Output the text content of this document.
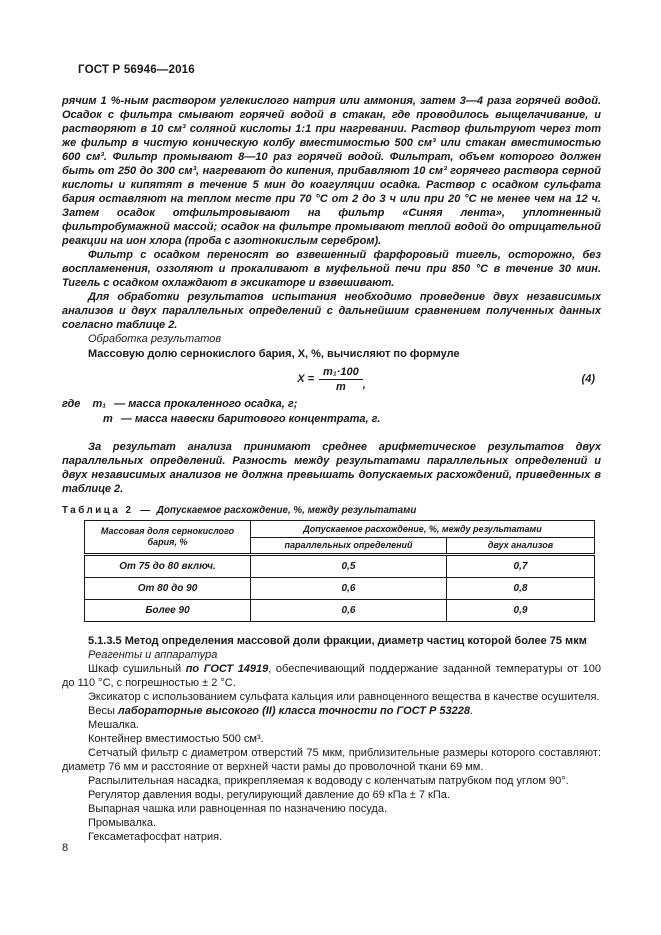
ГОСТ Р 56946—2016

рячим 1 %-ным раствором углекислого натрия или аммония, затем 3—4 раза горячей водой. Осадок с фильтра смывают горячей водой в стакан, где проводилось выщелачивание, и растворяют в 10 см³ соляной кислоты 1:1 при нагревании. Раствор фильтруют через тот же фильтр в чистую коническую колбу вместимостью 500 см³ или стакан вместимостью 600 см³. Фильтр промывают 8—10 раз горячей водой. Фильтрат, объем которого должен быть от 250 до 300 см³, нагревают до кипения, прибавляют 10 см³ горячего раствора серной кислоты и кипятят в течение 5 мин до коагуляции осадка. Раствор с осадком сульфата бария оставляют на теплом месте при 70 °С от 2 до 3 ч или при 20 °С не менее чем на 12 ч. Затем осадок отфильтровывают на фильтр «Синяя лента», уплотненный фильтробумажной массой; осадок на фильтре промывают теплой водой до отрицательной реакции на ион хлора (проба с азотнокислым серебром).

Фильтр с осадком переносят во взвешенный фарфоровый тигель, осторожно, без воспламенения, оззоляют и прокаливают в муфельной печи при 850 °С в течение 30 мин. Тигель с осадком охлаждают в эксикаторе и взвешивают.

Для обработки результатов испытания необходимо проведение двух независимых анализов и двух параллельных определений с дальнейшим сравнением полученных данных согласно таблице 2.

Обработка результатов
Массовую долю сернокислого бария, X, %, вычисляют по формуле
$X = \frac{\text{m₁·100}}{m}$ ,	(4)
где m₁ — масса прокаленного осадка, г;
m — масса навески баритового концентрата, г.

За результат анализа принимают среднее арифметическое результатов двух параллельных определений. Разность между результатами параллельных определений и двух независимых анализов не должна превышать допускаемых расхождений, приведенных в таблице 2.

Таблица 2 — Допускаемое расхождение, %, между результатами
Массовая доля сернокислого бария, %	Допускаемое расхождение, %, между результатами	
	параллельных определений	двух анализов
От 75 до 80 включ.	0,5	0,7
От 80 до 90	0,6	0,8
Более 90	0,6	0,9

5.1.3.5 Метод определения массовой доли фракции, диаметр частиц которой более 75 мкм

Реагенты и аппаратура

Шкаф сушильный по ГОСТ 14919, обеспечивающий поддержание заданной температуры от 100 до 110 °С, с погрешностью ± 2 °С.

Эксикатор с использованием сульфата кальция или равноценного вещества в качестве осушителя.

Весы лабораторные высокого (II) класса точности по ГОСТ Р 53228.

Мешалка.

Контейнер вместимостью 500 см³.

Сетчатый фильтр с диаметром отверстий 75 мкм, приблизительные размеры которого составляют: диаметр 76 мм и расстояние от верхней части рамы до проволочной ткани 69 мм.

Распылительная насадка, прикрепляемая к водоводу с коленчатым патрубком под углом 90°.

Регулятор давления воды, регулирующий давление до 69 кПа ± 7 кПа.

Выпарная чашка или равноценная по назначению посуда.

Промывалка.

Гексаметафосфат натрия.

8
